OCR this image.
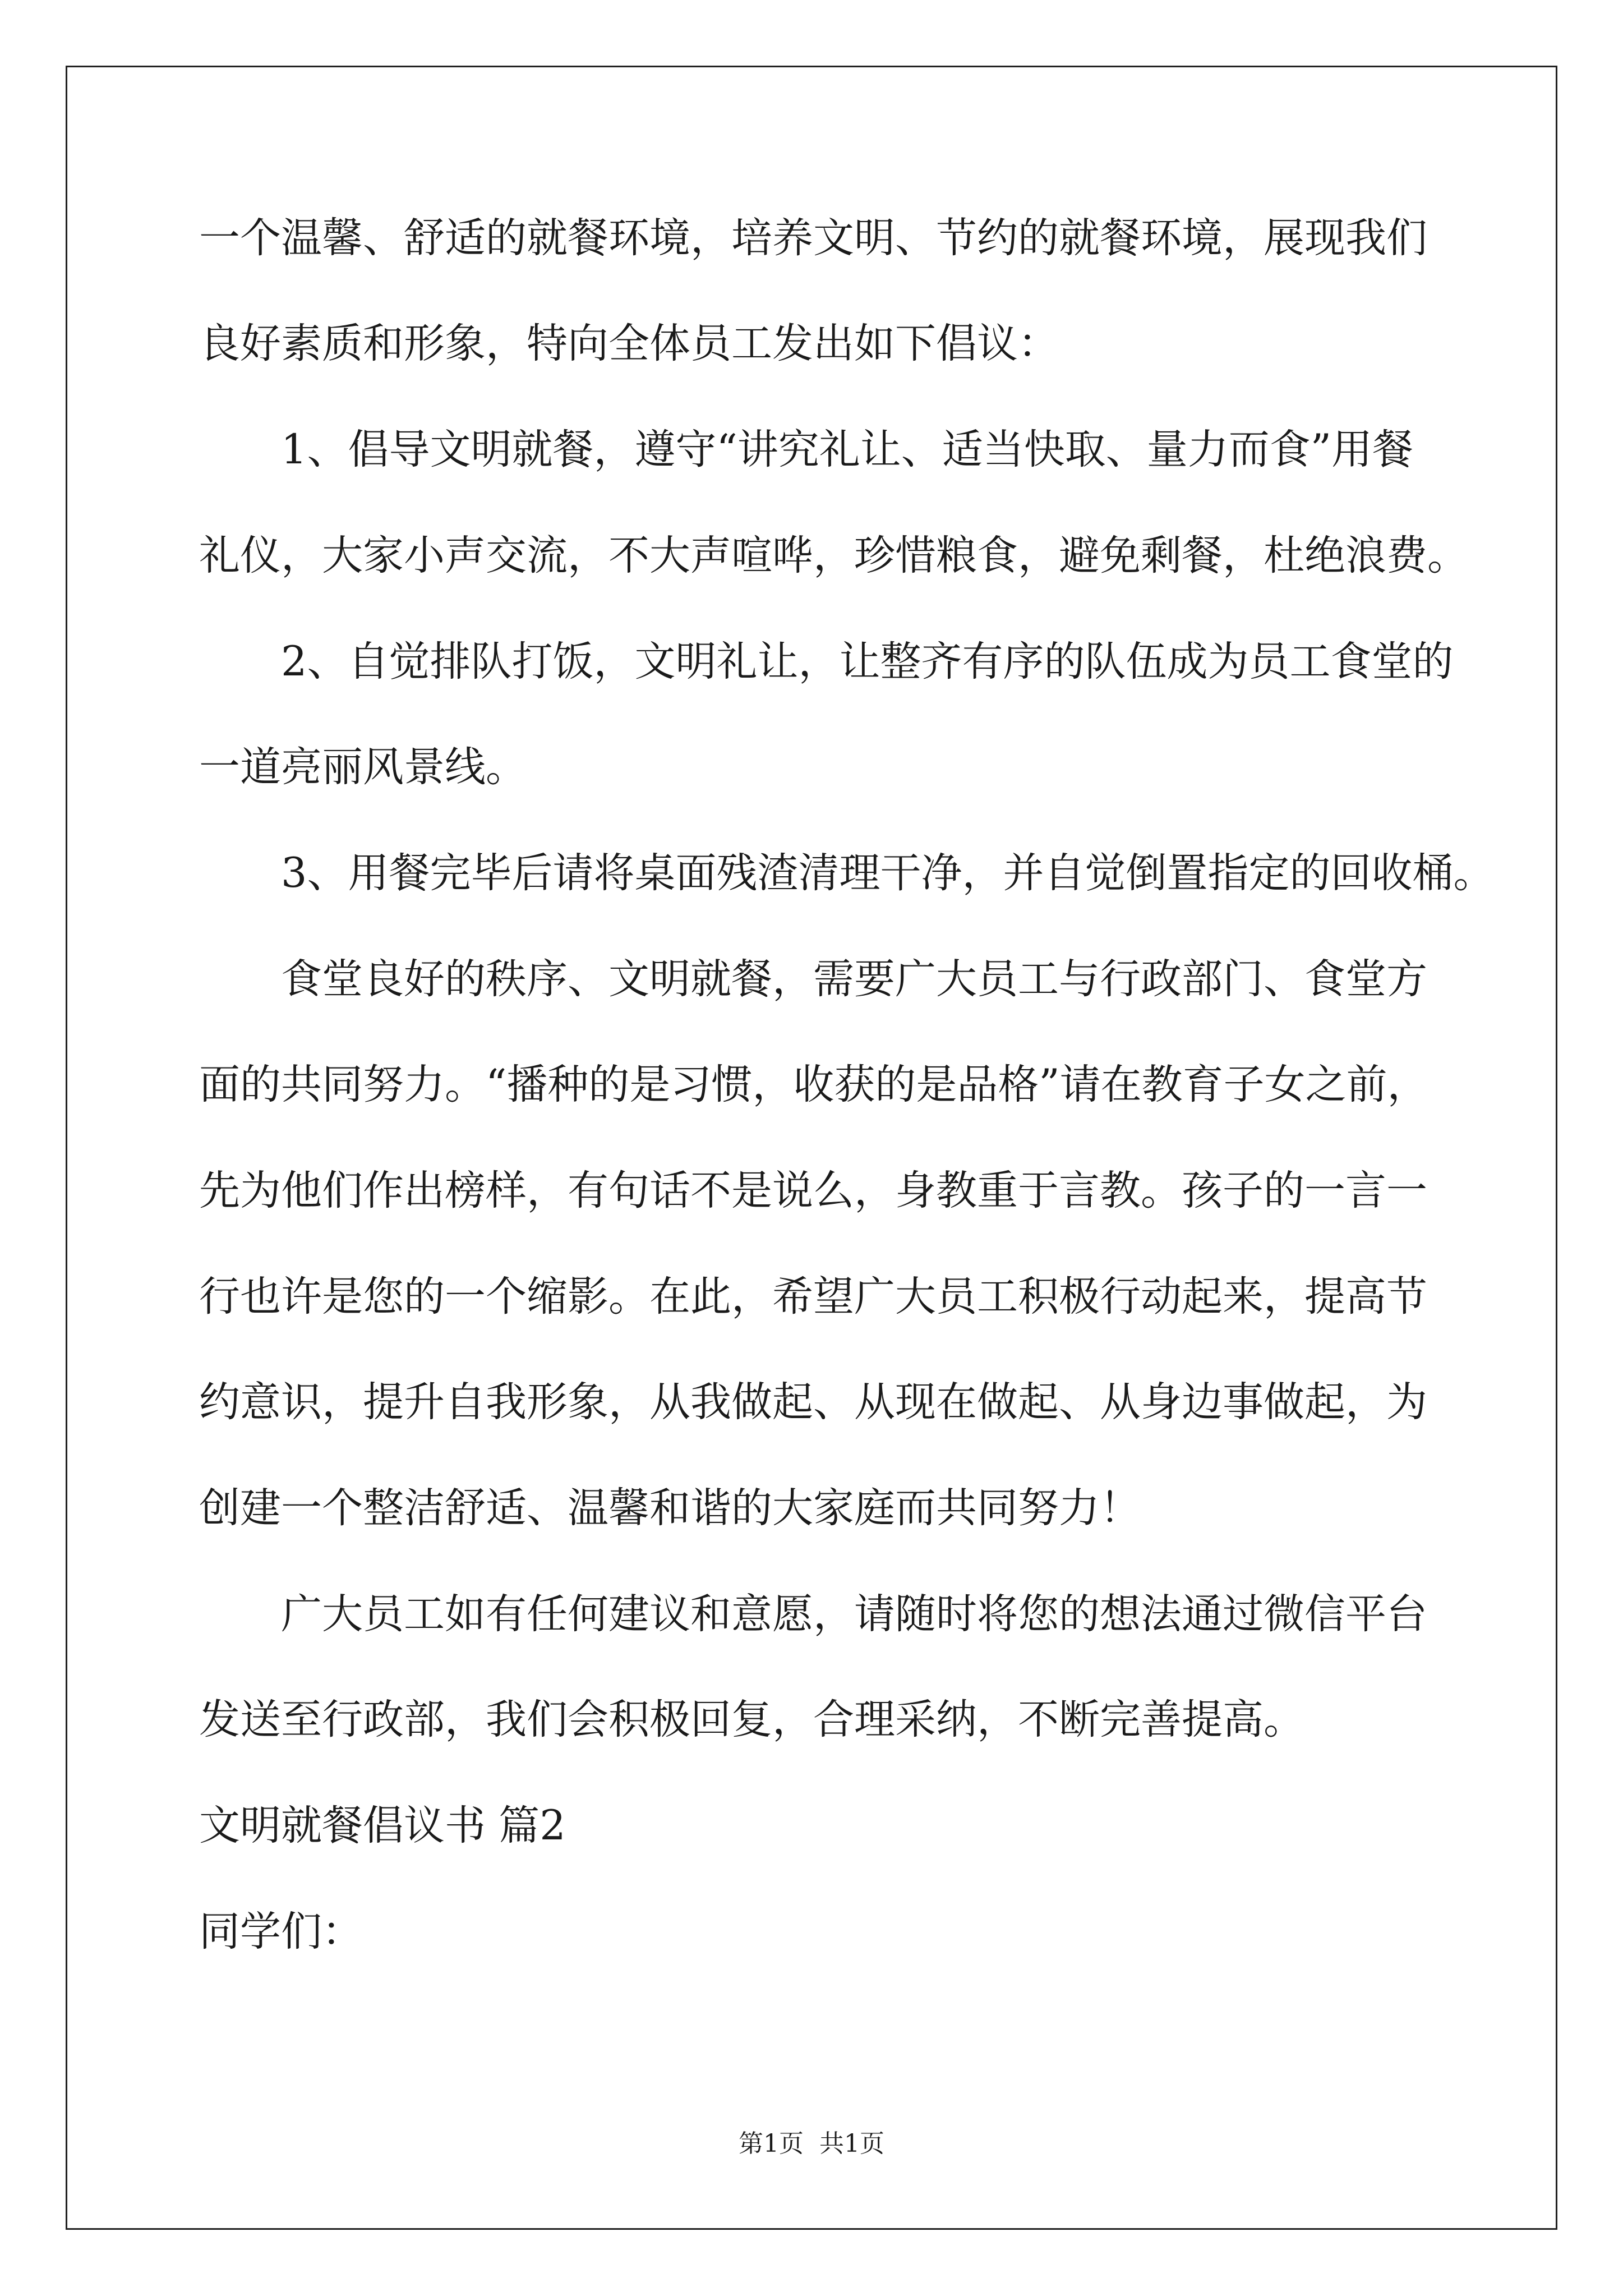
一个温馨、舒适的就餐环境，培养文明、节约的就餐环境，展现我们
良好素质和形象，特向全体员工发出如下倡议：
1、倡导文明就餐，遵守“讲究礼让、适当快取、量力而食”用餐
礼仪，大家小声交流，不大声喧哗，珍惜粮食，避免剩餐，杜绝浪费。
2、自觉排队打饭，文明礼让，让整齐有序的队伍成为员工食堂的
一道亮丽风景线。
3、用餐完毕后请将桌面残渣清理干净，并自觉倒置指定的回收桶。
食堂良好的秩序、文明就餐，需要广大员工与行政部门、食堂方
面的共同努力。“播种的是习惯，收获的是品格”请在教育子女之前，
先为他们作出榜样，有句话不是说么，身教重于言教。孩子的一言一
行也许是您的一个缩影。在此，希望广大员工积极行动起来，提高节
约意识，提升自我形象，从我做起、从现在做起、从身边事做起，为
创建一个整洁舒适、温馨和谐的大家庭而共同努力！
广大员工如有任何建议和意愿，请随时将您的想法通过微信平台
发送至行政部，我们会积极回复，合理采纳，不断完善提高。
文明就餐倡议书 篇2
同学们：
第1页  共1页
